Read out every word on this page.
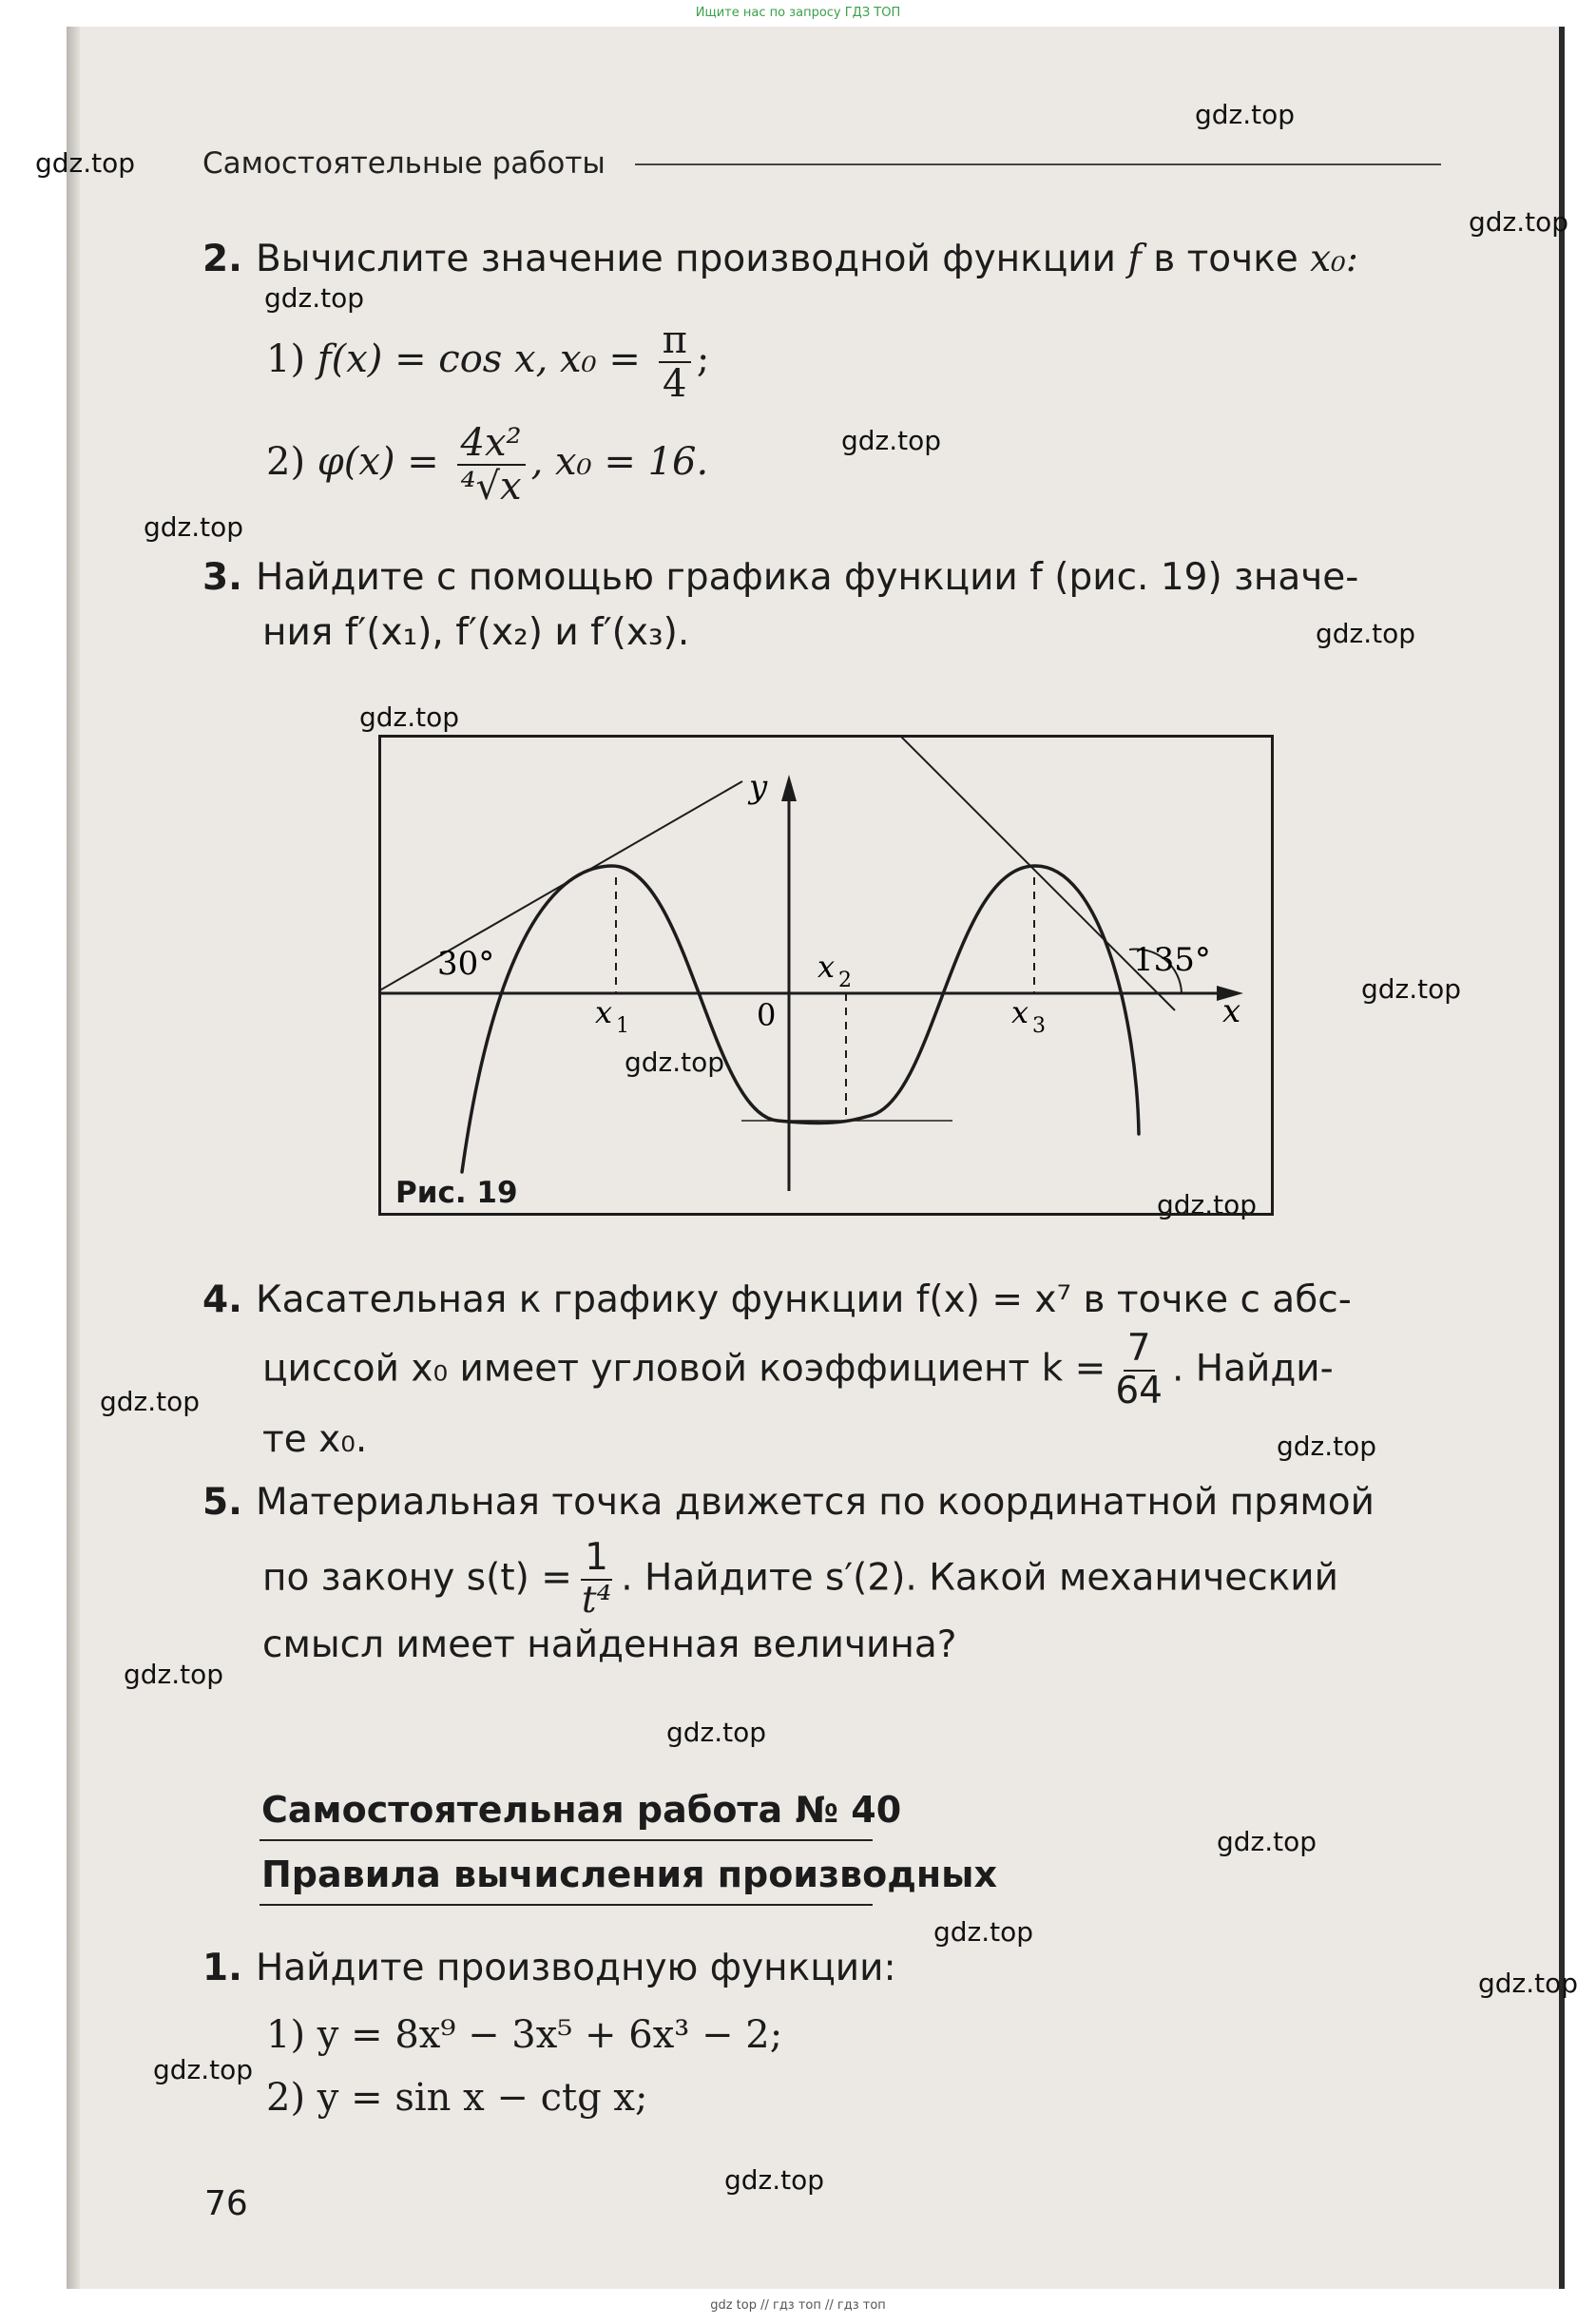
Ищите нас по запросу ГДЗ ТОП
gdz.top
gdz.top
gdz.top
gdz.top
gdz.top
gdz.top
gdz.top
gdz.top
gdz.top
gdz.top
gdz.top
gdz.top
gdz.top
gdz.top
gdz.top
gdz.top
gdz.top
gdz.top
gdz.top
gdz.top
Самостоятельные работы
2. Вычислите значение производной функции f в точке x₀:
1) f(x) = cos x, $x_0 = \frac{\pi}{4}$ ;
2) $\varphi(x) = \frac{\text{4x²}}{\text{⁴√x}}$ , x₀ = 16.
3. Найдите с помощью графика функции f (рис. 19) значе-
ния f′(x₁), f′(x₂) и f′(x₃).
30°	135°
x 1
x 2
x 3
0	x
y
Рис. 19
4. Касательная к графику функции f(x) = x⁷ в точке с абс-
циссой x₀ имеет угловой коэффициент $k = \frac{7}{64}$ . Найди-
те x₀.
5. Материальная точка движется по координатной прямой
по закону $s(t) = \frac{1}{\text{t⁴}}$ . Найдите s′(2). Какой механический
смысл имеет найденная величина?
Самостоятельная работа № 40
Правила вычисления производных
1. Найдите производную функции:
1) y = 8x⁹ − 3x⁵ + 6x³ − 2;
2) y = sin x − ctg x;
76
gdz top // гдз топ // гдз топ
